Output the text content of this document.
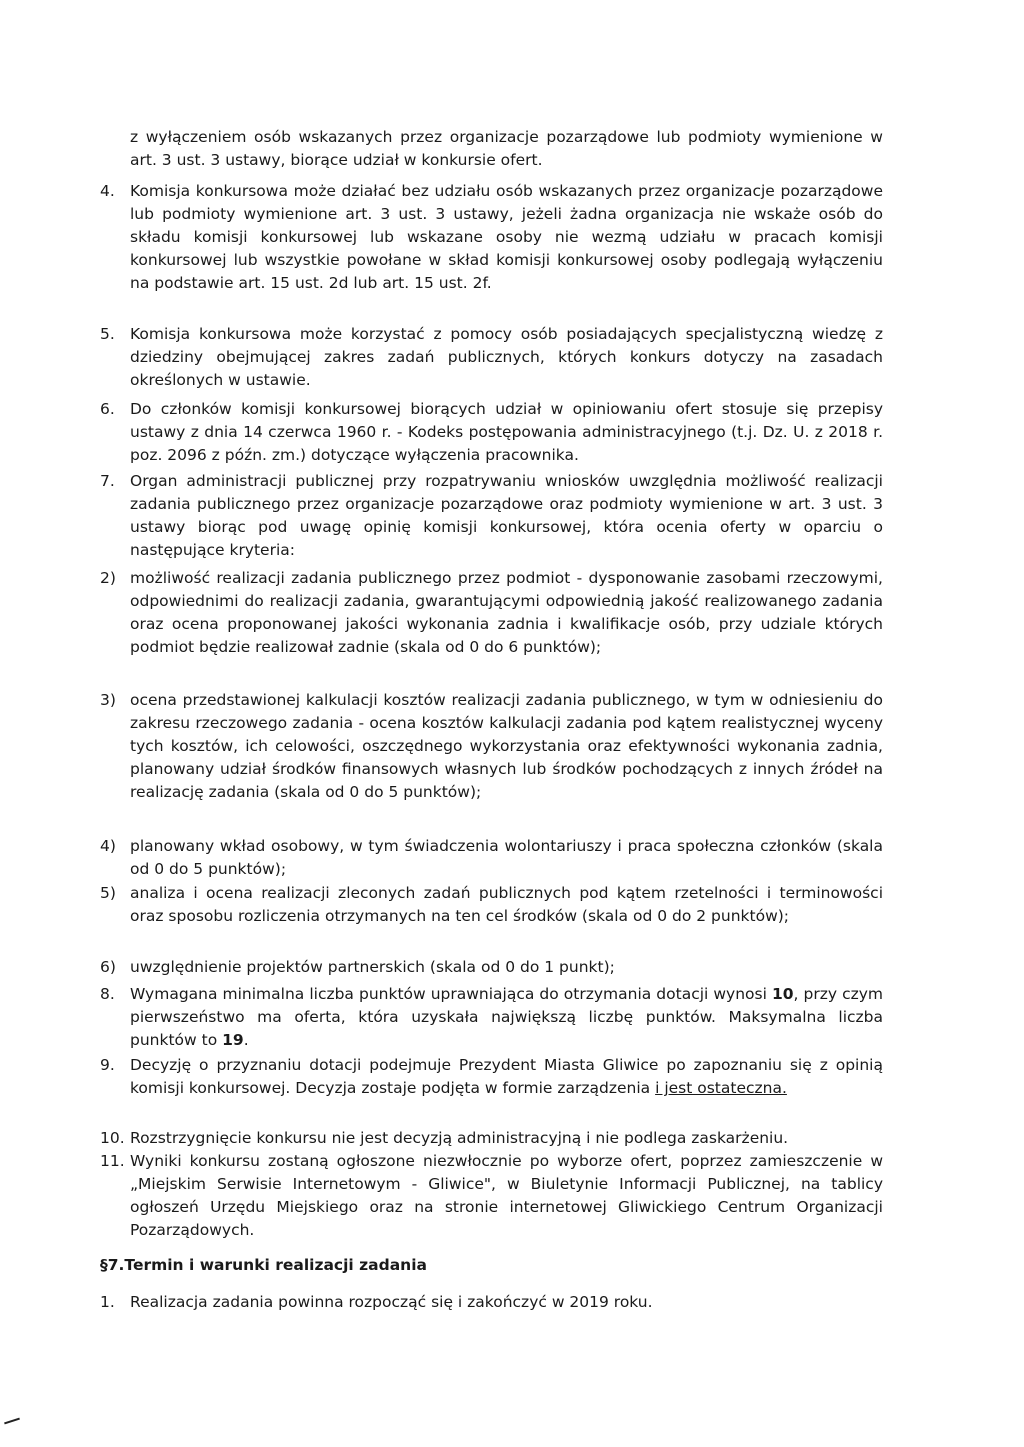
z wyłączeniem osób wskazanych przez organizacje pozarządowe lub podmioty wymienione w art. 3 ust. 3 ustawy, biorące udział w konkursie ofert.
4. Komisja konkursowa może działać bez udziału osób wskazanych przez organizacje pozarządowe lub podmioty wymienione art. 3 ust. 3 ustawy, jeżeli żadna organizacja nie wskaże osób do składu komisji konkursowej lub wskazane osoby nie wezmą udziału w pracach komisji konkursowej lub wszystkie powołane w skład komisji konkursowej osoby podlegają wyłączeniu na podstawie art. 15 ust. 2d lub art. 15 ust. 2f.
5. Komisja konkursowa może korzystać z pomocy osób posiadających specjalistyczną wiedzę z dziedziny obejmującej zakres zadań publicznych, których konkurs dotyczy na zasadach określonych w ustawie.
6. Do członków komisji konkursowej biorących udział w opiniowaniu ofert stosuje się przepisy ustawy z dnia 14 czerwca 1960 r. - Kodeks postępowania administracyjnego (t.j. Dz. U. z 2018 r. poz. 2096 z późn. zm.) dotyczące wyłączenia pracownika.
7. Organ administracji publicznej przy rozpatrywaniu wniosków uwzględnia możliwość realizacji zadania publicznego przez organizacje pozarządowe oraz podmioty wymienione w art. 3 ust. 3 ustawy biorąc pod uwagę opinię komisji konkursowej, która ocenia oferty w oparciu o następujące kryteria:
2) możliwość realizacji zadania publicznego przez podmiot - dysponowanie zasobami rzeczowymi, odpowiednimi do realizacji zadania, gwarantującymi odpowiednią jakość realizowanego zadania oraz ocena proponowanej jakości wykonania zadnia i kwalifikacje osób, przy udziale których podmiot będzie realizował zadnie (skala od 0 do 6 punktów);
3) ocena przedstawionej kalkulacji kosztów realizacji zadania publicznego, w tym w odniesieniu do zakresu rzeczowego zadania - ocena kosztów kalkulacji zadania pod kątem realistycznej wyceny tych kosztów, ich celowości, oszczędnego wykorzystania oraz efektywności wykonania zadnia, planowany udział środków finansowych własnych lub środków pochodzących z innych źródeł na realizację zadania (skala od 0 do 5 punktów);
4) planowany wkład osobowy, w tym świadczenia wolontariuszy i praca społeczna członków (skala od 0 do 5 punktów);
5) analiza i ocena realizacji zleconych zadań publicznych pod kątem rzetelności i terminowości oraz sposobu rozliczenia otrzymanych na ten cel środków (skala od 0 do 2 punktów);
6) uwzględnienie projektów partnerskich (skala od 0 do 1 punkt);
8. Wymagana minimalna liczba punktów uprawniająca do otrzymania dotacji wynosi 10, przy czym pierwszeństwo ma oferta, która uzyskała największą liczbę punktów. Maksymalna liczba punktów to 19.
9. Decyzję o przyznaniu dotacji podejmuje Prezydent Miasta Gliwice po zapoznaniu się z opinią komisji konkursowej. Decyzja zostaje podjęta w formie zarządzenia i jest ostateczna.
10. Rozstrzygnięcie konkursu nie jest decyzją administracyjną i nie podlega zaskarżeniu.
11. Wyniki konkursu zostaną ogłoszone niezwłocznie po wyborze ofert, poprzez zamieszczenie w „Miejskim Serwisie Internetowym - Gliwice", w Biuletynie Informacji Publicznej, na tablicy ogłoszeń Urzędu Miejskiego oraz na stronie internetowej Gliwickiego Centrum Organizacji Pozarządowych.
§7.Termin i warunki realizacji zadania
1. Realizacja zadania powinna rozpocząć się i zakończyć w 2019 roku.
